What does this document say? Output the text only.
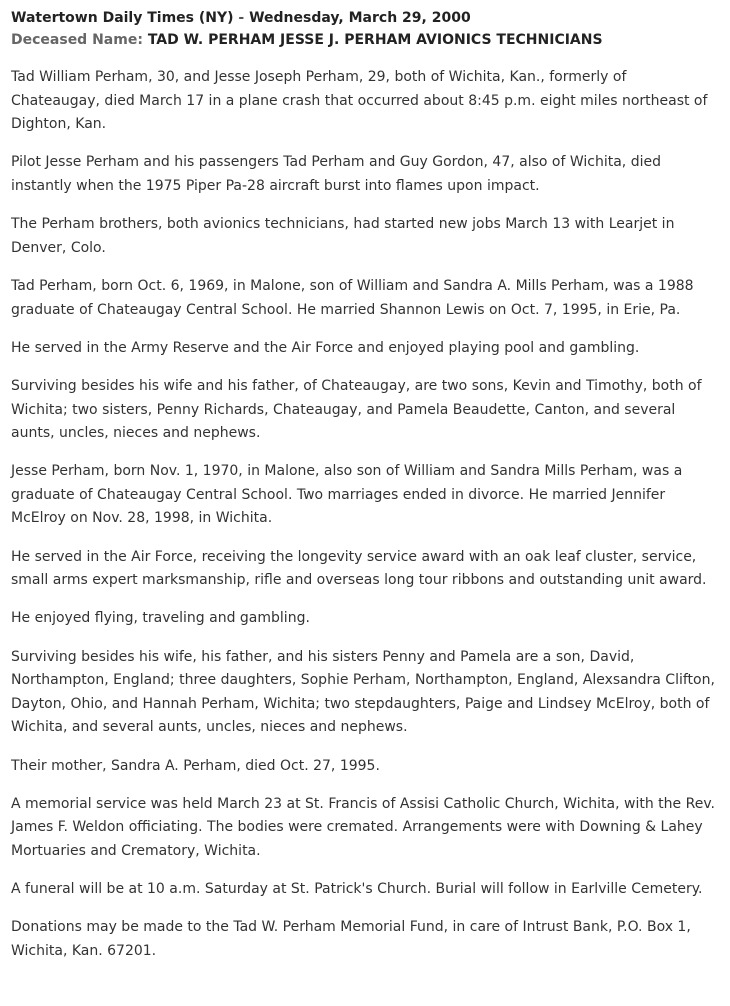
Watertown Daily Times (NY) - Wednesday, March 29, 2000

Deceased Name: TAD W. PERHAM JESSE J. PERHAM AVIONICS TECHNICIANS

Tad William Perham, 30, and Jesse Joseph Perham, 29, both of Wichita, Kan., formerly of Chateaugay, died March 17 in a plane crash that occurred about 8:45 p.m. eight miles northeast of Dighton, Kan.

Pilot Jesse Perham and his passengers Tad Perham and Guy Gordon, 47, also of Wichita, died instantly when the 1975 Piper Pa-28 aircraft burst into flames upon impact.

The Perham brothers, both avionics technicians, had started new jobs March 13 with Learjet in Denver, Colo.

Tad Perham, born Oct. 6, 1969, in Malone, son of William and Sandra A. Mills Perham, was a 1988 graduate of Chateaugay Central School. He married Shannon Lewis on Oct. 7, 1995, in Erie, Pa.

He served in the Army Reserve and the Air Force and enjoyed playing pool and gambling.

Surviving besides his wife and his father, of Chateaugay, are two sons, Kevin and Timothy, both of Wichita; two sisters, Penny Richards, Chateaugay, and Pamela Beaudette, Canton, and several aunts, uncles, nieces and nephews.

Jesse Perham, born Nov. 1, 1970, in Malone, also son of William and Sandra Mills Perham, was a graduate of Chateaugay Central School. Two marriages ended in divorce. He married Jennifer McElroy on Nov. 28, 1998, in Wichita.

He served in the Air Force, receiving the longevity service award with an oak leaf cluster, service, small arms expert marksmanship, rifle and overseas long tour ribbons and outstanding unit award.

He enjoyed flying, traveling and gambling.

Surviving besides his wife, his father, and his sisters Penny and Pamela are a son, David, Northampton, England; three daughters, Sophie Perham, Northampton, England, Alexsandra Clifton, Dayton, Ohio, and Hannah Perham, Wichita; two stepdaughters, Paige and Lindsey McElroy, both of Wichita, and several aunts, uncles, nieces and nephews.

Their mother, Sandra A. Perham, died Oct. 27, 1995.

A memorial service was held March 23 at St. Francis of Assisi Catholic Church, Wichita, with the Rev. James F. Weldon officiating. The bodies were cremated. Arrangements were with Downing & Lahey Mortuaries and Crematory, Wichita.

A funeral will be at 10 a.m. Saturday at St. Patrick's Church. Burial will follow in Earlville Cemetery.

Donations may be made to the Tad W. Perham Memorial Fund, in care of Intrust Bank, P.O. Box 1, Wichita, Kan. 67201.
